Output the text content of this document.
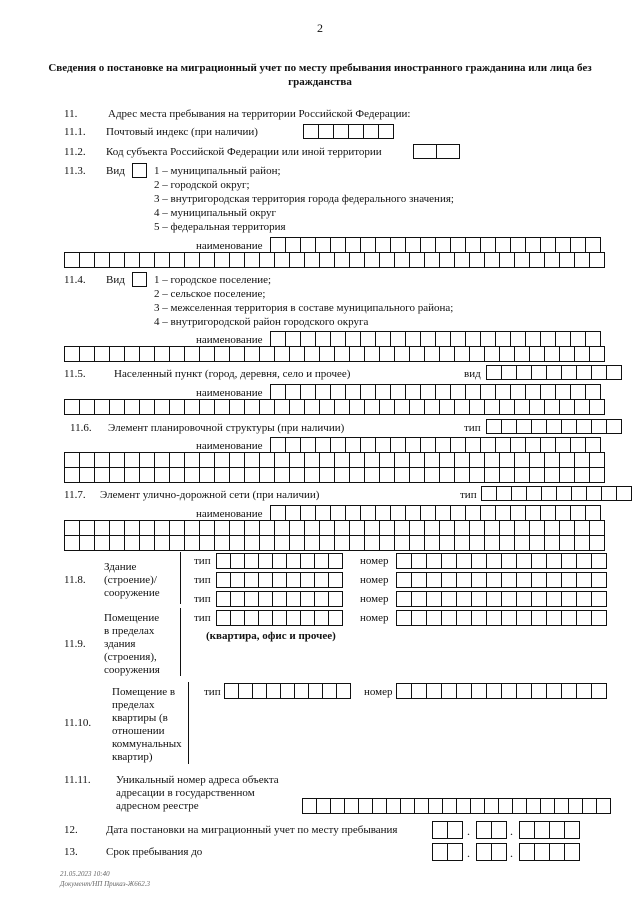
2
Сведения о постановке на миграционный учет по месту пребывания иностранного гражданина или лица без гражданства
11.	Адрес места пребывания на территории Российской Федерации:
11.1. Почтовый индекс (при наличии)
11.2. Код субъекта Российской Федерации или иной территории
11.3. Вид	1 – муниципальный район;
2 – городской округ;
3 – внутригородская территория города федерального значения;
4 – муниципальный округ
5 – федеральная территория
наименование
11.4. Вид	1 – городское поселение;
2 – сельское поселение;
3 – межселенная территория в составе муниципального района;
4 – внутригородской район городского округа
наименование
11.5.	Населенный пункт (город, деревня, село и прочее)	вид
наименование
11.6. Элемент планировочной структуры (при наличии)	тип
наименование
11.7. Элемент улично-дорожной сети (при наличии)	тип
наименование
11.8.
Здание
(строение)/
сооружение
тип	номер
тип	номер
тип	номер
11.9.
Помещение
в пределах
здания
(строения),
сооружения
тип	номер
(квартира, офис и прочее)
11.10.
Помещение в
пределах
квартиры (в
отношении
коммунальных
квартир)
тип	номер
11.11. Уникальный номер адреса объекта
адресации в государственном
адресном реестре
12.	Дата постановки на миграционный учет по месту пребывания	.	.
13.	Срок пребывания до	.	.
21.05.2023 10:40
Документ/НП Приказ-Ж662.3
